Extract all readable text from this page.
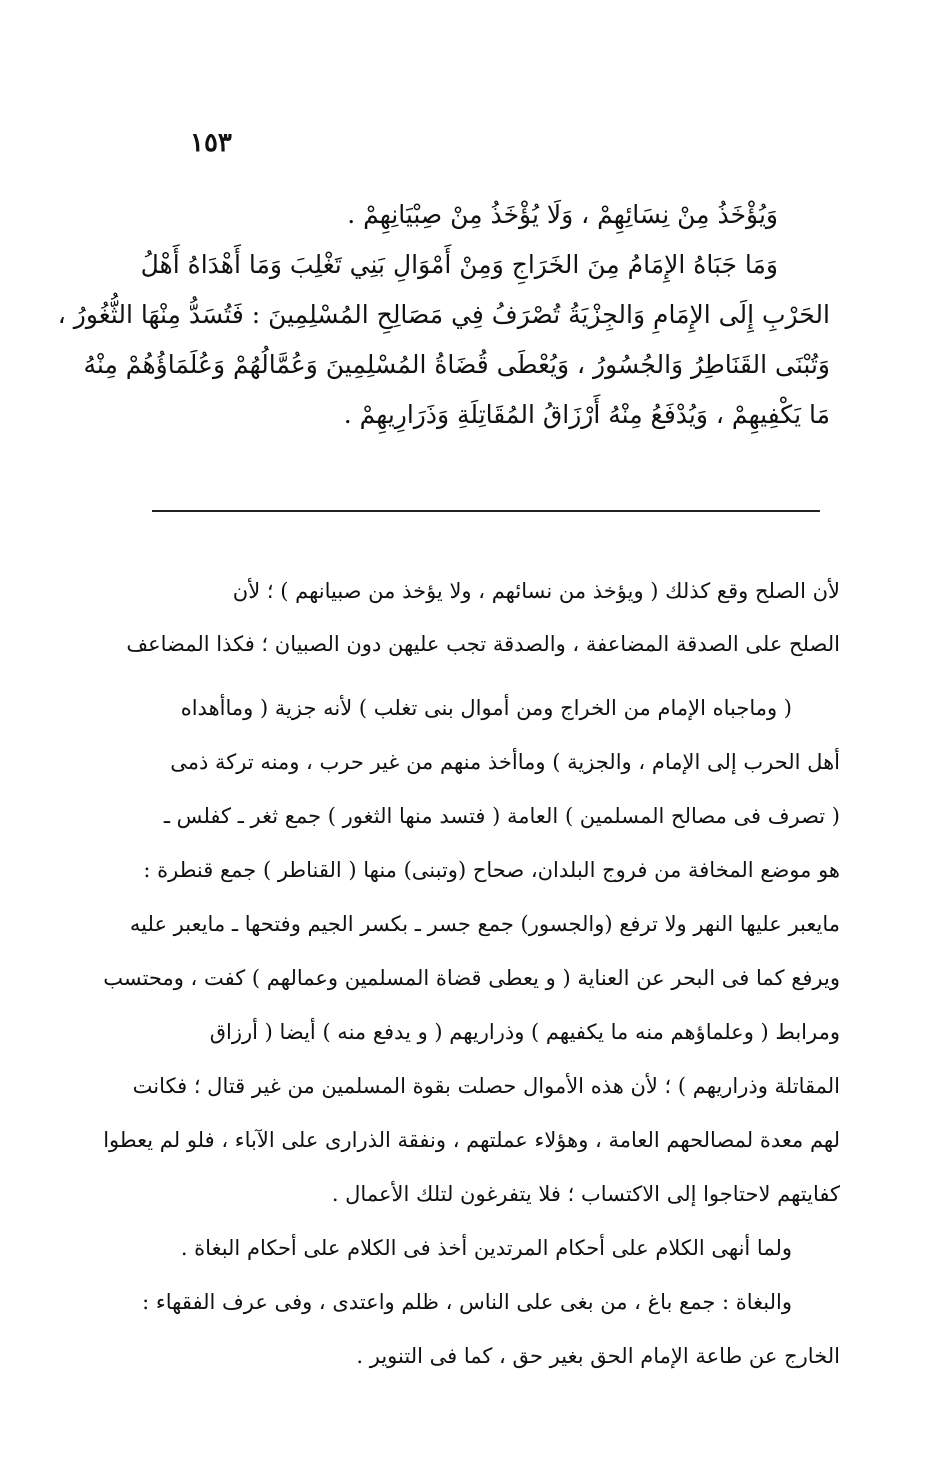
١٥٣
وَيُؤْخَذُ مِنْ نِسَائِهِمْ ، وَلَا يُؤْخَذُ مِنْ صِبْيَانِهِمْ .
وَمَا جَبَاهُ الإِمَامُ مِنَ الخَرَاجِ وَمِنْ أَمْوَالِ بَنِي تَغْلِبَ وَمَا أَهْدَاهُ أَهْلُ
الحَرْبِ إِلَى الإِمَامِ وَالجِزْيَةُ تُصْرَفُ فِي مَصَالِحِ المُسْلِمِينَ : فَتُسَدُّ مِنْهَا الثُّغُورُ ،
وَتُبْنَى القَنَاطِرُ وَالجُسُورُ ، وَيُعْطَى قُضَاةُ المُسْلِمِينَ وَعُمَّالُهُمْ وَعُلَمَاؤُهُمْ مِنْهُ
مَا يَكْفِيهِمْ ، وَيُدْفَعُ مِنْهُ أَرْزَاقُ المُقَاتِلَةِ وَذَرَارِيهِمْ .
لأن الصلح وقع كذلك ( ويؤخذ من نسائهم ، ولا يؤخذ من صبيانهم ) ؛ لأن
الصلح على الصدقة المضاعفة ، والصدقة تجب عليهن دون الصبيان ؛ فكذا المضاعف
( وماجباه الإمام من الخراج ومن أموال بنى تغلب ) لأنه جزية ( وماأهداه
أهل الحرب إلى الإمام ، والجزية ) وماأخذ منهم من غير حرب ، ومنه تركة ذمى
( تصرف فى مصالح المسلمين ) العامة ( فتسد منها الثغور ) جمع ثغر ـ كفلس ـ
هو موضع المخافة من فروج البلدان، صحاح (وتبنى) منها ( القناطر ) جمع قنطرة :
مايعبر عليها النهر ولا ترفع (والجسور) جمع جسر ـ بكسر الجيم وفتحها ـ مايعبر عليه
ويرفع كما فى البحر عن العناية ( و يعطى قضاة المسلمين وعمالهم ) كفت ، ومحتسب
ومرابط ( وعلماؤهم منه ما يكفيهم ) وذراريهم ( و يدفع منه ) أيضا ( أرزاق
المقاتلة وذراريهم ) ؛ لأن هذه الأموال حصلت بقوة المسلمين من غير قتال ؛ فكانت
لهم معدة لمصالحهم العامة ، وهؤلاء عملتهم ، ونفقة الذرارى على الآباء ، فلو لم يعطوا
كفايتهم لاحتاجوا إلى الاكتساب ؛ فلا يتفرغون لتلك الأعمال .
ولما أنهى الكلام على أحكام المرتدين أخذ فى الكلام على أحكام البغاة .
والبغاة : جمع باغ ، من بغى على الناس ، ظلم واعتدى ، وفى عرف الفقهاء :
الخارج عن طاعة الإمام الحق بغير حق ، كما فى التنوير .
